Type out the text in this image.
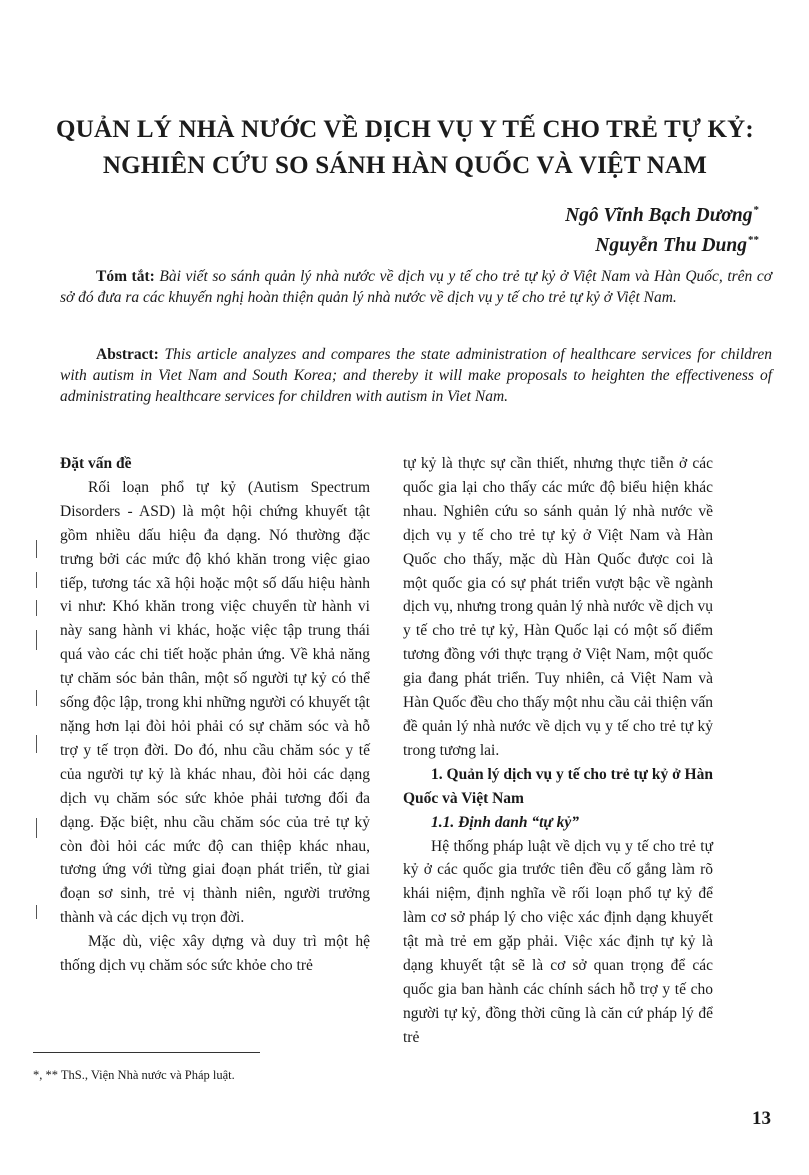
QUẢN LÝ NHÀ NƯỚC VỀ DỊCH VỤ Y TẾ CHO TRẺ TỰ KỶ:
NGHIÊN CỨU SO SÁNH HÀN QUỐC VÀ VIỆT NAM
Ngô Vĩnh Bạch Dương*
Nguyễn Thu Dung**
Tóm tắt: Bài viết so sánh quản lý nhà nước về dịch vụ y tế cho trẻ tự kỷ ở Việt Nam và Hàn Quốc, trên cơ sở đó đưa ra các khuyến nghị hoàn thiện quản lý nhà nước về dịch vụ y tế cho trẻ tự kỷ ở Việt Nam.
Abstract: This article analyzes and compares the state administration of healthcare services for children with autism in Viet Nam and South Korea; and thereby it will make proposals to heighten the effectiveness of administrating healthcare services for children with autism in Viet Nam.
Đặt vấn đề

Rối loạn phổ tự kỷ (Autism Spectrum Disorders - ASD) là một hội chứng khuyết tật gồm nhiều dấu hiệu đa dạng. Nó thường đặc trưng bởi các mức độ khó khăn trong việc giao tiếp, tương tác xã hội hoặc một số dấu hiệu hành vi như: Khó khăn trong việc chuyển từ hành vi này sang hành vi khác, hoặc việc tập trung thái quá vào các chi tiết hoặc phản ứng. Về khả năng tự chăm sóc bản thân, một số người tự kỷ có thể sống độc lập, trong khi những người có khuyết tật nặng hơn lại đòi hỏi phải có sự chăm sóc và hỗ trợ y tế trọn đời. Do đó, nhu cầu chăm sóc y tế của người tự kỷ là khác nhau, đòi hỏi các dạng dịch vụ chăm sóc sức khỏe phải tương đối đa dạng. Đặc biệt, nhu cầu chăm sóc của trẻ tự kỷ còn đòi hỏi các mức độ can thiệp khác nhau, tương ứng với từng giai đoạn phát triển, từ giai đoạn sơ sinh, trẻ vị thành niên, người trưởng thành và các dịch vụ trọn đời.

Mặc dù, việc xây dựng và duy trì một hệ thống dịch vụ chăm sóc sức khỏe cho trẻ

tự kỷ là thực sự cần thiết, nhưng thực tiễn ở các quốc gia lại cho thấy các mức độ biểu hiện khác nhau. Nghiên cứu so sánh quản lý nhà nước về dịch vụ y tế cho trẻ tự kỷ ở Việt Nam và Hàn Quốc cho thấy, mặc dù Hàn Quốc được coi là một quốc gia có sự phát triển vượt bậc về ngành dịch vụ, nhưng trong quản lý nhà nước về dịch vụ y tế cho trẻ tự kỷ, Hàn Quốc lại có một số điểm tương đồng với thực trạng ở Việt Nam, một quốc gia đang phát triển. Tuy nhiên, cả Việt Nam và Hàn Quốc đều cho thấy một nhu cầu cải thiện vấn đề quản lý nhà nước về dịch vụ y tế cho trẻ tự kỷ trong tương lai.

1. Quản lý dịch vụ y tế cho trẻ tự kỷ ở Hàn Quốc và Việt Nam
1.1. Định danh “tự kỷ”

Hệ thống pháp luật về dịch vụ y tế cho trẻ tự kỷ ở các quốc gia trước tiên đều cố gắng làm rõ khái niệm, định nghĩa về rối loạn phổ tự kỷ để làm cơ sở pháp lý cho việc xác định dạng khuyết tật mà trẻ em gặp phải. Việc xác định tự kỷ là dạng khuyết tật sẽ là cơ sở quan trọng để các quốc gia ban hành các chính sách hỗ trợ y tế cho người tự kỷ, đồng thời cũng là căn cứ pháp lý để trẻ

*, ** ThS., Viện Nhà nước và Pháp luật.
13
